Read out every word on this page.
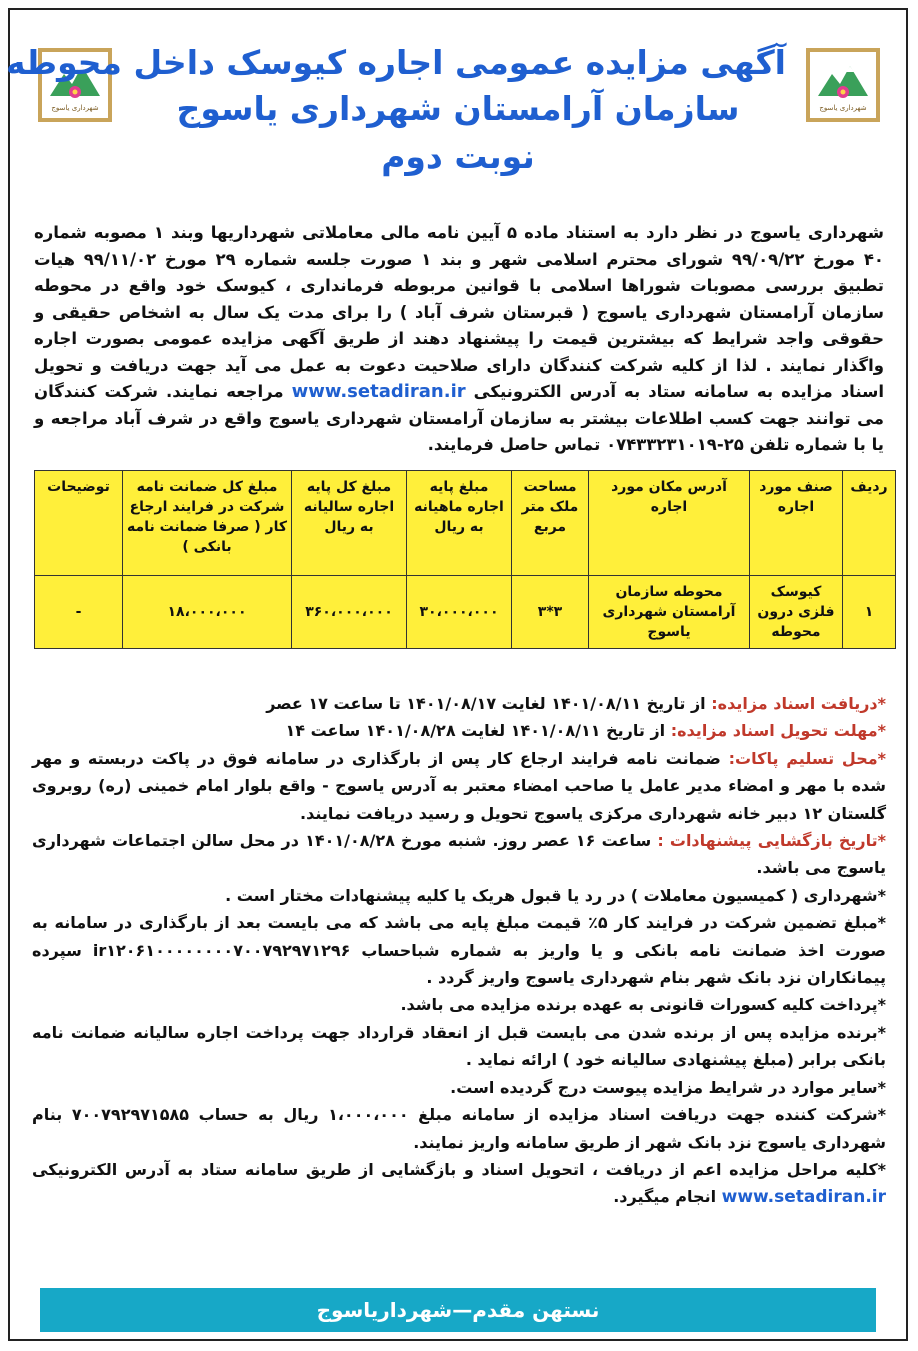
شهرداری یاسوج	شهرداری یاسوج
آگهی مزایده عمومی اجاره کیوسک داخل محوطه
سازمان آرامستان شهرداری یاسوج
نوبت دوم
شهرداری یاسوج در نظر دارد به استناد ماده ۵ آیین نامه مالی معاملاتی شهرداریها وبند ۱ مصوبه شماره ۴۰ مورخ ۹۹/۰۹/۲۲ شورای محترم اسلامی شهر و بند ۱ صورت جلسه شماره ۲۹ مورخ ۹۹/۱۱/۰۲ هیات تطبیق بررسی مصوبات شوراها اسلامی با قوانین مربوطه فرمانداری ، کیوسک خود واقع در محوطه سازمان آرامستان شهرداری یاسوج ( قبرستان شرف آباد ) را برای مدت یک سال به اشخاص حقیقی و حقوقی واجد شرایط که بیشترین قیمت را پیشنهاد دهند از طریق آگهی مزایده عمومی بصورت اجاره واگذار نمایند . لذا از کلیه شرکت کنندگان دارای صلاحیت دعوت به عمل می آید جهت دریافت و تحویل اسناد مزایده به سامانه ستاد به آدرس الکترونیکی www.setadiran.ir مراجعه نمایند. شرکت کنندگان می توانند جهت کسب اطلاعات بیشتر به سازمان آرامستان شهرداری یاسوج واقع در شرف آباد مراجعه و یا با شماره تلفن ۲۵-۰۷۴۳۳۲۳۱۰۱۹ تماس حاصل فرمایند.
ردیف	صنف مورد اجاره	آدرس مکان مورد اجاره	مساحت ملک متر مربع	مبلغ پایه اجاره ماهیانه به ریال	مبلغ کل پایه اجاره سالیانه به ریال	مبلغ کل ضمانت نامه شرکت در فرایند ارجاع کار ( صرفا ضمانت نامه بانکی )	توضیحات
۱	کیوسک فلزی درون محوطه	محوطه سازمان آرامستان شهرداری یاسوج	۳*۳	۳۰،۰۰۰،۰۰۰	۳۶۰،۰۰۰،۰۰۰	۱۸،۰۰۰،۰۰۰	-

*دریافت اسناد مزایده: از تاریخ ۱۴۰۱/۰۸/۱۱ لغایت ۱۴۰۱/۰۸/۱۷ تا ساعت ۱۷ عصر

*مهلت تحویل اسناد مزایده: از تاریخ ۱۴۰۱/۰۸/۱۱ لغایت ۱۴۰۱/۰۸/۲۸ ساعت ۱۴

*محل تسلیم پاکات: ضمانت نامه فرایند ارجاع کار پس از بارگذاری در سامانه فوق در پاکت دربسته و مهر شده با مهر و امضاء مدیر عامل یا صاحب امضاء معتبر به آدرس یاسوج - واقع بلوار امام خمینی (ره) روبروی گلستان ۱۲ دبیر خانه شهرداری مرکزی یاسوج تحویل و رسید دریافت نمایند.

*تاریخ بازگشایی پیشنهادات : ساعت ۱۶ عصر روز. شنبه مورخ ۱۴۰۱/۰۸/۲۸ در محل سالن اجتماعات شهرداری یاسوج می باشد.

*شهرداری ( کمیسیون معاملات ) در رد یا قبول هریک یا کلیه پیشنهادات مختار است .

*مبلغ تضمین شرکت در فرایند کار ۵٪ قیمت مبلغ پایه می باشد که می بایست بعد از بارگذاری در سامانه به صورت اخذ ضمانت نامه بانکی و یا واریز به شماره شباحساب ir۱۲۰۶۱۰۰۰۰۰۰۰۰۷۰۰۷۹۲۹۷۱۲۹۶ سپرده پیمانکاران نزد بانک شهر بنام شهرداری یاسوج واریز گردد .

*پرداخت کلیه کسورات قانونی به عهده برنده مزایده می باشد.

*برنده مزایده پس از برنده شدن می بایست قبل از انعقاد قرارداد جهت پرداخت اجاره سالیانه ضمانت نامه بانکی برابر (مبلغ پیشنهادی سالیانه خود ) ارائه نماید .

*سایر موارد در شرایط مزایده پیوست درج گردیده است.

*شرکت کننده جهت دریافت اسناد مزایده از سامانه مبلغ ۱،۰۰۰،۰۰۰ ریال به حساب ۷۰۰۷۹۲۹۷۱۵۸۵ بنام شهرداری یاسوج نزد بانک شهر از طریق سامانه واریز نمایند.

*کلیه مراحل مزایده اعم از دریافت ، اتحویل اسناد و بازگشایی از طریق سامانه ستاد به آدرس الکترونیکی www.setadiran.ir انجام میگیرد.

نستهن مقدم—شهرداریاسوج
